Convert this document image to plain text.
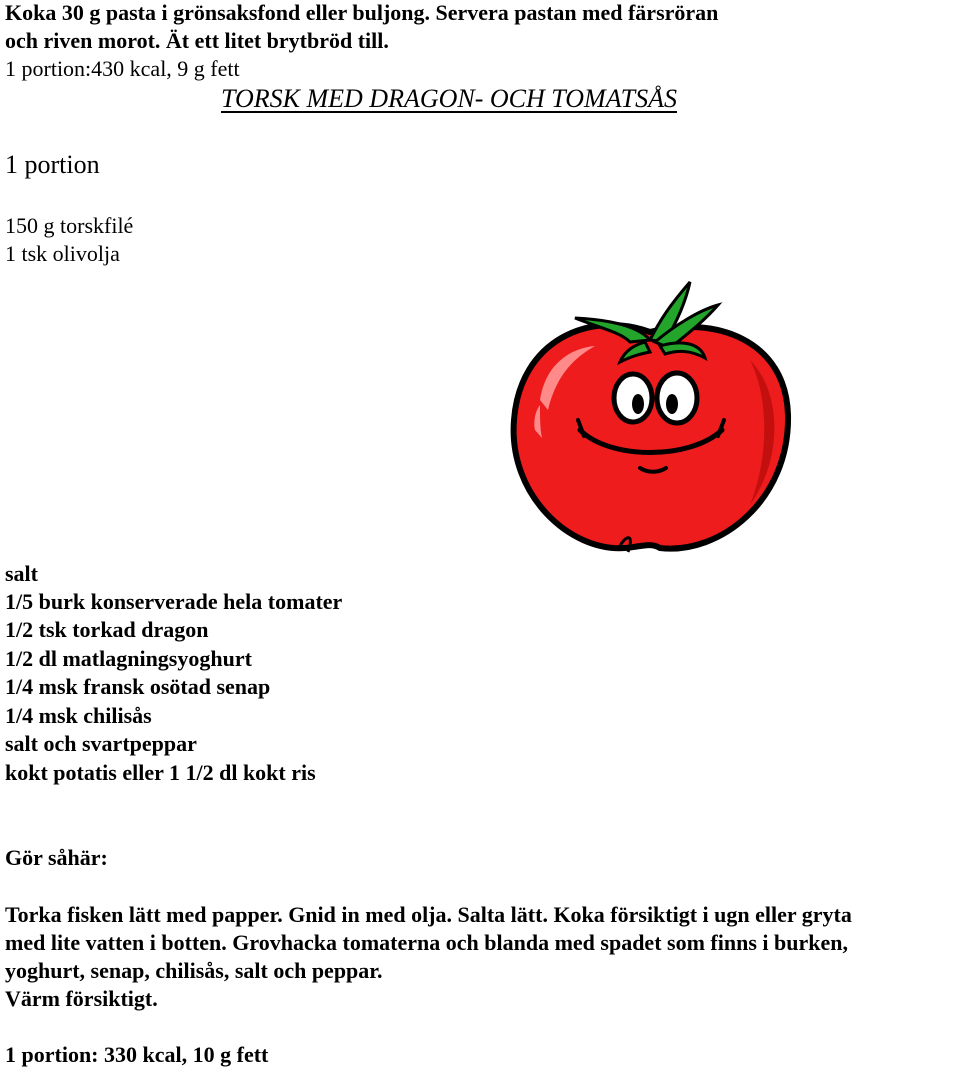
Koka 30 g pasta i grönsaksfond eller buljong. Servera pastan med färsröran
och riven morot. Ät ett litet brytbröd till.
1 portion:430 kcal, 9 g fett
TORSK MED DRAGON- OCH TOMATSÅS
1 portion
150 g torskfilé
1 tsk olivolja
salt
1/5 burk konserverade hela tomater
1/2 tsk torkad dragon
1/2 dl matlagningsyoghurt
1/4 msk fransk osötad senap
1/4 msk chilisås
salt och svartpeppar
kokt potatis eller 1 1/2 dl kokt ris
Gör såhär:
Torka fisken lätt med papper. Gnid in med olja. Salta lätt. Koka försiktigt i ugn eller gryta
med lite vatten i botten. Grovhacka tomaterna och blanda med spadet som finns i burken,
yoghurt, senap, chilisås, salt och peppar.
Värm försiktigt.
1 portion: 330 kcal, 10 g fett
